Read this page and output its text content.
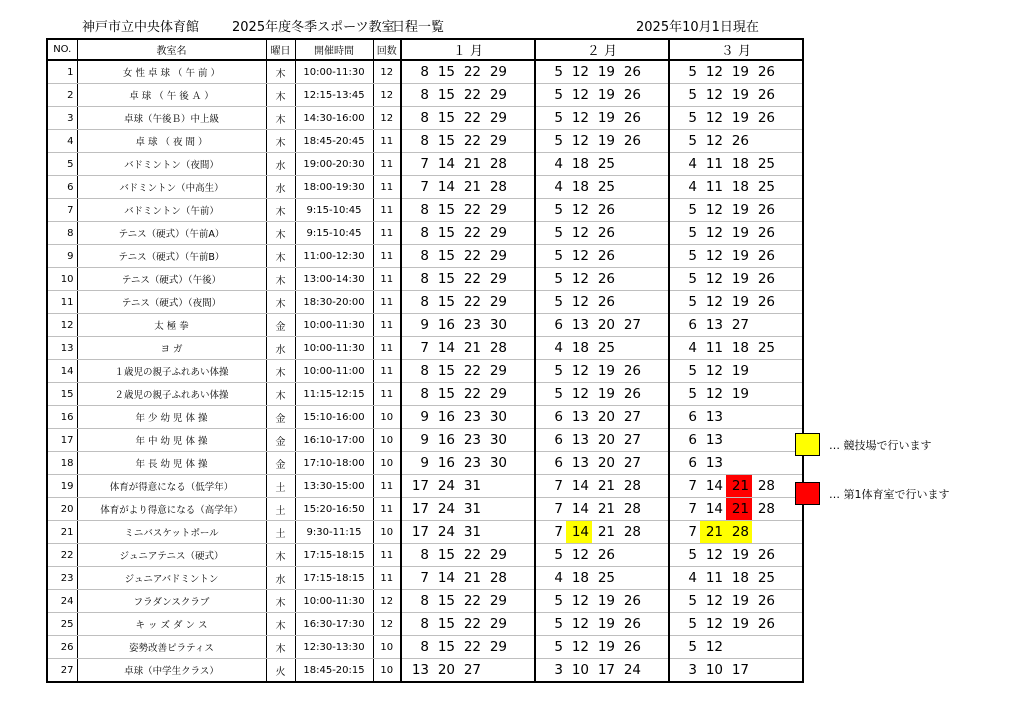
神戸市立中央体育館	2025年度冬季スポーツ教室
日程一覧	2025年10月1日現在
NO.	教室名	曜日	開催時間	回数	１ 月					２ 月					３ 月				
1	女 性 卓 球 （ 午 前 ）	木	10:00-11:30	12	8	15	22	29		5	12	19	26		5	12	19	26	
2	卓 球 （ 午 後 Ａ ）	木	12:15-13:45	12	8	15	22	29		5	12	19	26		5	12	19	26	
3	卓球（午後Ｂ）中上級	木	14:30-16:00	12	8	15	22	29		5	12	19	26		5	12	19	26	
4	卓 球 （ 夜 間 ）	木	18:45-20:45	11	8	15	22	29		5	12	19	26		5	12	26		
5	バドミントン（夜間）	水	19:00-20:30	11	7	14	21	28		4	18	25			4	11	18	25	
6	バドミントン（中高生）	水	18:00-19:30	11	7	14	21	28		4	18	25			4	11	18	25	
7	バドミントン（午前）	木	9:15-10:45	11	8	15	22	29		5	12	26			5	12	19	26	
8	テニス（硬式）（午前A）	木	9:15-10:45	11	8	15	22	29		5	12	26			5	12	19	26	
9	テニス（硬式）（午前B）	木	11:00-12:30	11	8	15	22	29		5	12	26			5	12	19	26	
10	テニス（硬式）（午後）	木	13:00-14:30	11	8	15	22	29		5	12	26			5	12	19	26	
11	テニス（硬式）（夜間）	木	18:30-20:00	11	8	15	22	29		5	12	26			5	12	19	26	
12	太 極 拳	金	10:00-11:30	11	9	16	23	30		6	13	20	27		6	13	27		
13	ヨ ガ	水	10:00-11:30	11	7	14	21	28		4	18	25			4	11	18	25	
14	１歳児の親子ふれあい体操	木	10:00-11:00	11	8	15	22	29		5	12	19	26		5	12	19		
15	２歳児の親子ふれあい体操	木	11:15-12:15	11	8	15	22	29		5	12	19	26		5	12	19		
16	年 少 幼 児 体 操	金	15:10-16:00	10	9	16	23	30		6	13	20	27		6	13			
17	年 中 幼 児 体 操	金	16:10-17:00	10	9	16	23	30		6	13	20	27		6	13			
18	年 長 幼 児 体 操	金	17:10-18:00	10	9	16	23	30		6	13	20	27		6	13			
19	体育が得意になる（低学年）	土	13:30-15:00	11	17	24	31			7	14	21	28		7	14	21	28	
20	体育がより得意になる（高学年）	土	15:20-16:50	11	17	24	31			7	14	21	28		7	14	21	28	
21	ミニバスケットボール	土	9:30-11:15	10	17	24	31			7	14	21	28		7	21	28		
22	ジュニアテニス（硬式）	木	17:15-18:15	11	8	15	22	29		5	12	26			5	12	19	26	
23	ジュニアバドミントン	水	17:15-18:15	11	7	14	21	28		4	18	25			4	11	18	25	
24	フラダンスクラブ	木	10:00-11:30	12	8	15	22	29		5	12	19	26		5	12	19	26	
25	キ ッ ズ ダ ン ス	木	16:30-17:30	12	8	15	22	29		5	12	19	26		5	12	19	26	
26	姿勢改善ピラティス	木	12:30-13:30	10	8	15	22	29		5	12	19	26		5	12			
27	卓球（中学生クラス）	火	18:45-20:15	10	13	20	27			3	10	17	24		3	10	17		
… 競技場で行います
… 第1体育室で行います
